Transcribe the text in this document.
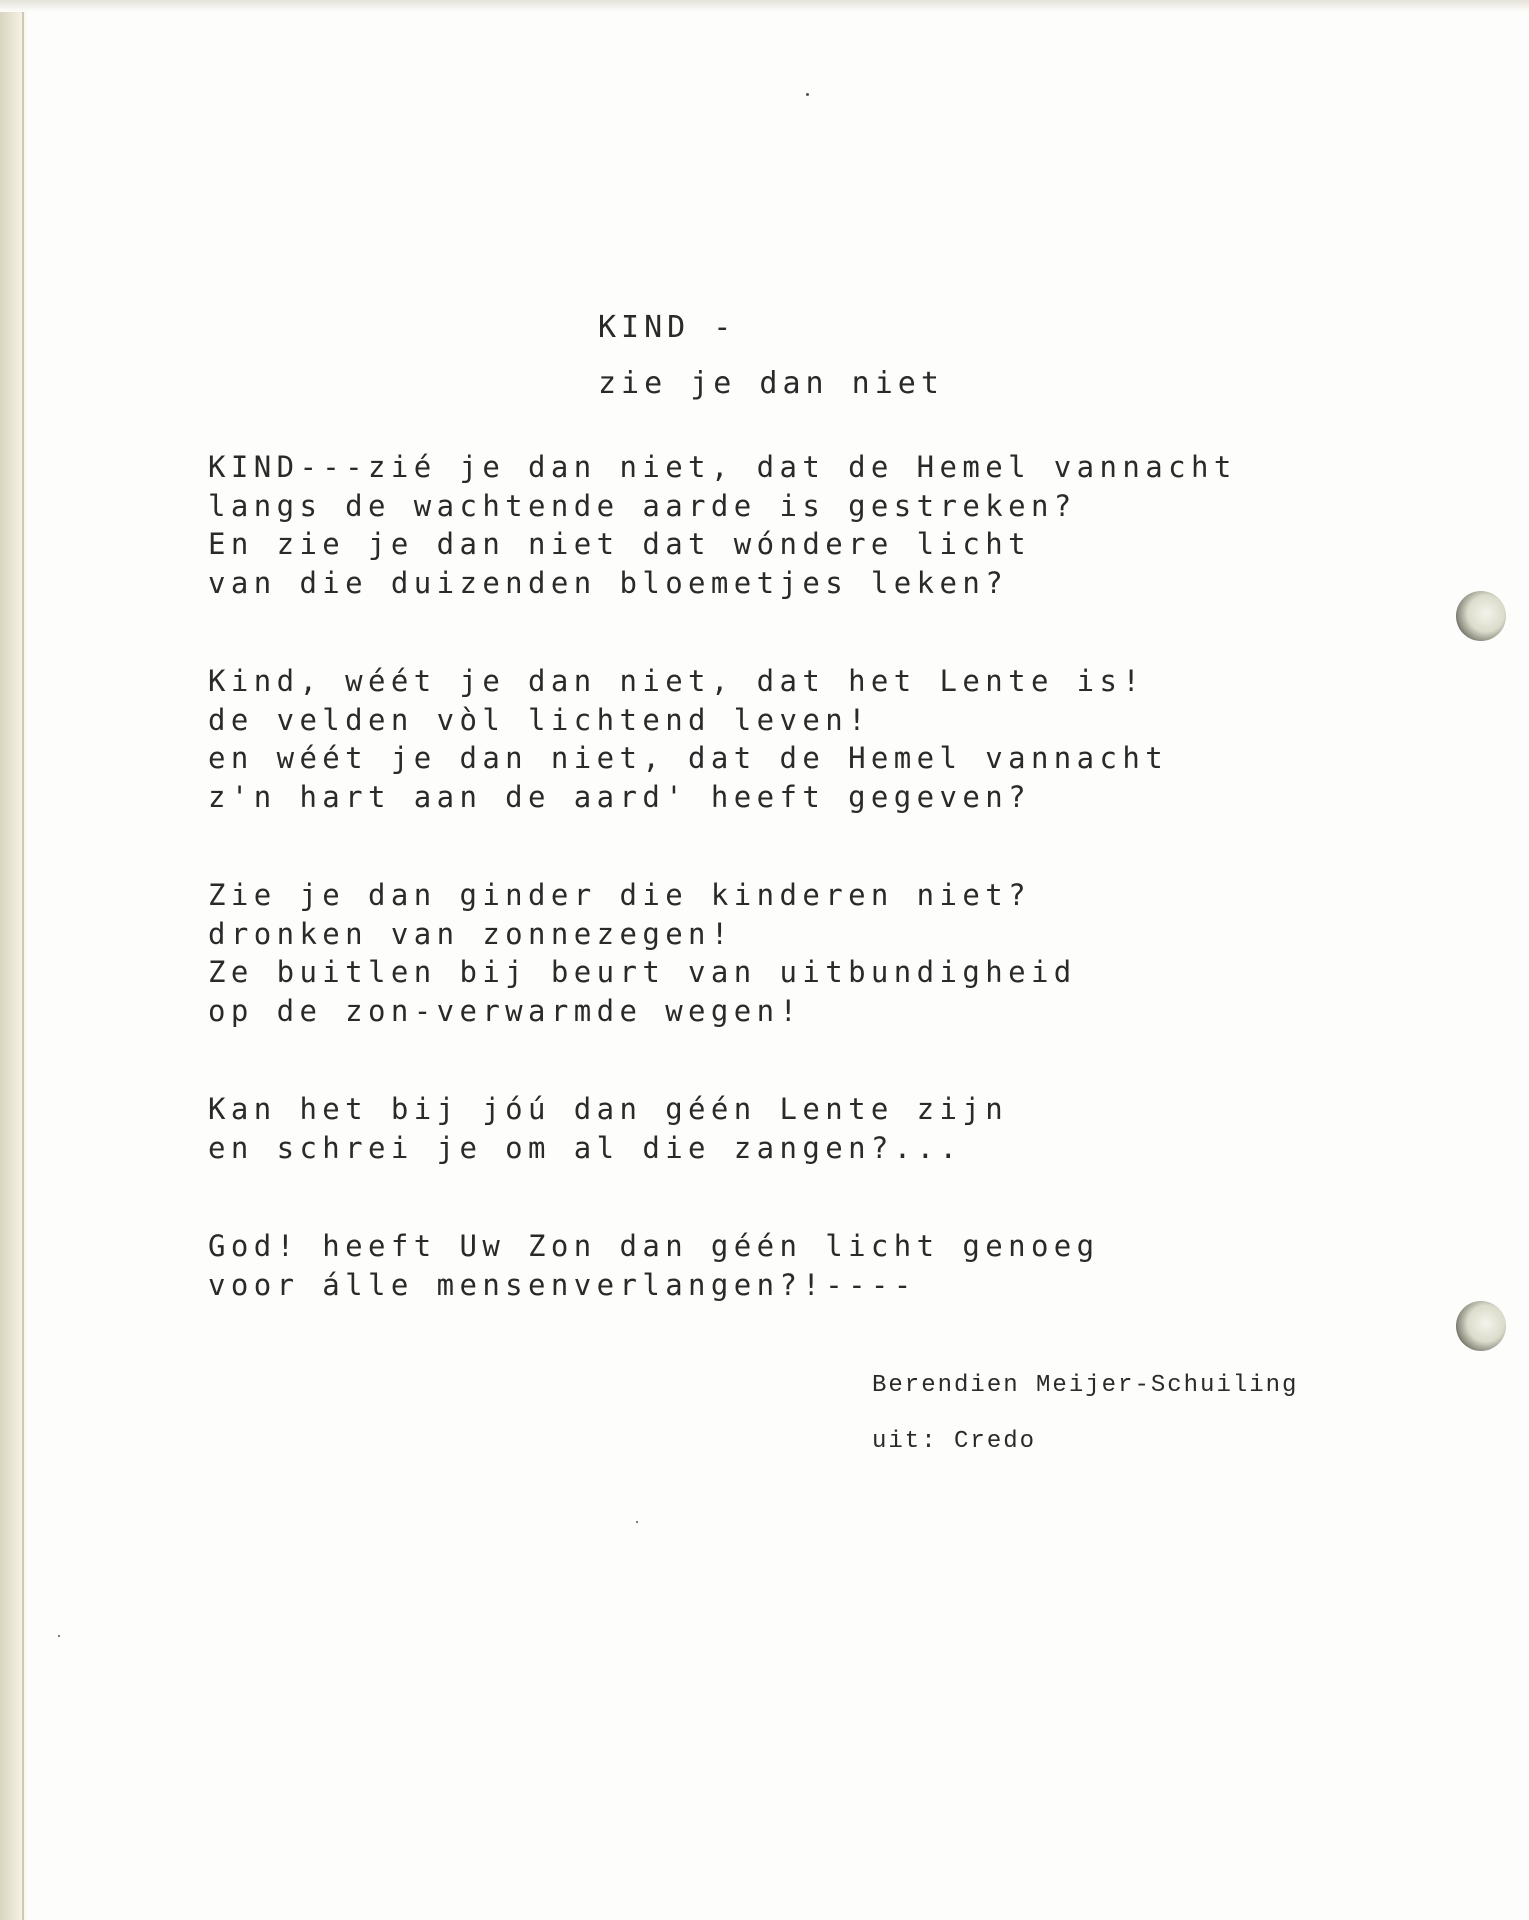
KIND -
zie je dan niet
KIND---zié je dan niet, dat de Hemel vannacht
langs de wachtende aarde is gestreken?
En zie je dan niet dat wóndere licht
van die duizenden bloemetjes leken?
Kind, wéét je dan niet, dat het Lente is!
de velden vòl lichtend leven!
en wéét je dan niet, dat de Hemel vannacht
z'n hart aan de aard' heeft gegeven?
Zie je dan ginder die kinderen niet?
dronken van zonnezegen!
Ze buitlen bij beurt van uitbundigheid
op de zon-verwarmde wegen!
Kan het bij jóú dan géén Lente zijn
en schrei je om al die zangen?...
God! heeft Uw Zon dan géén licht genoeg
voor álle mensenverlangen?!----
Berendien Meijer-Schuiling
uit: Credo
